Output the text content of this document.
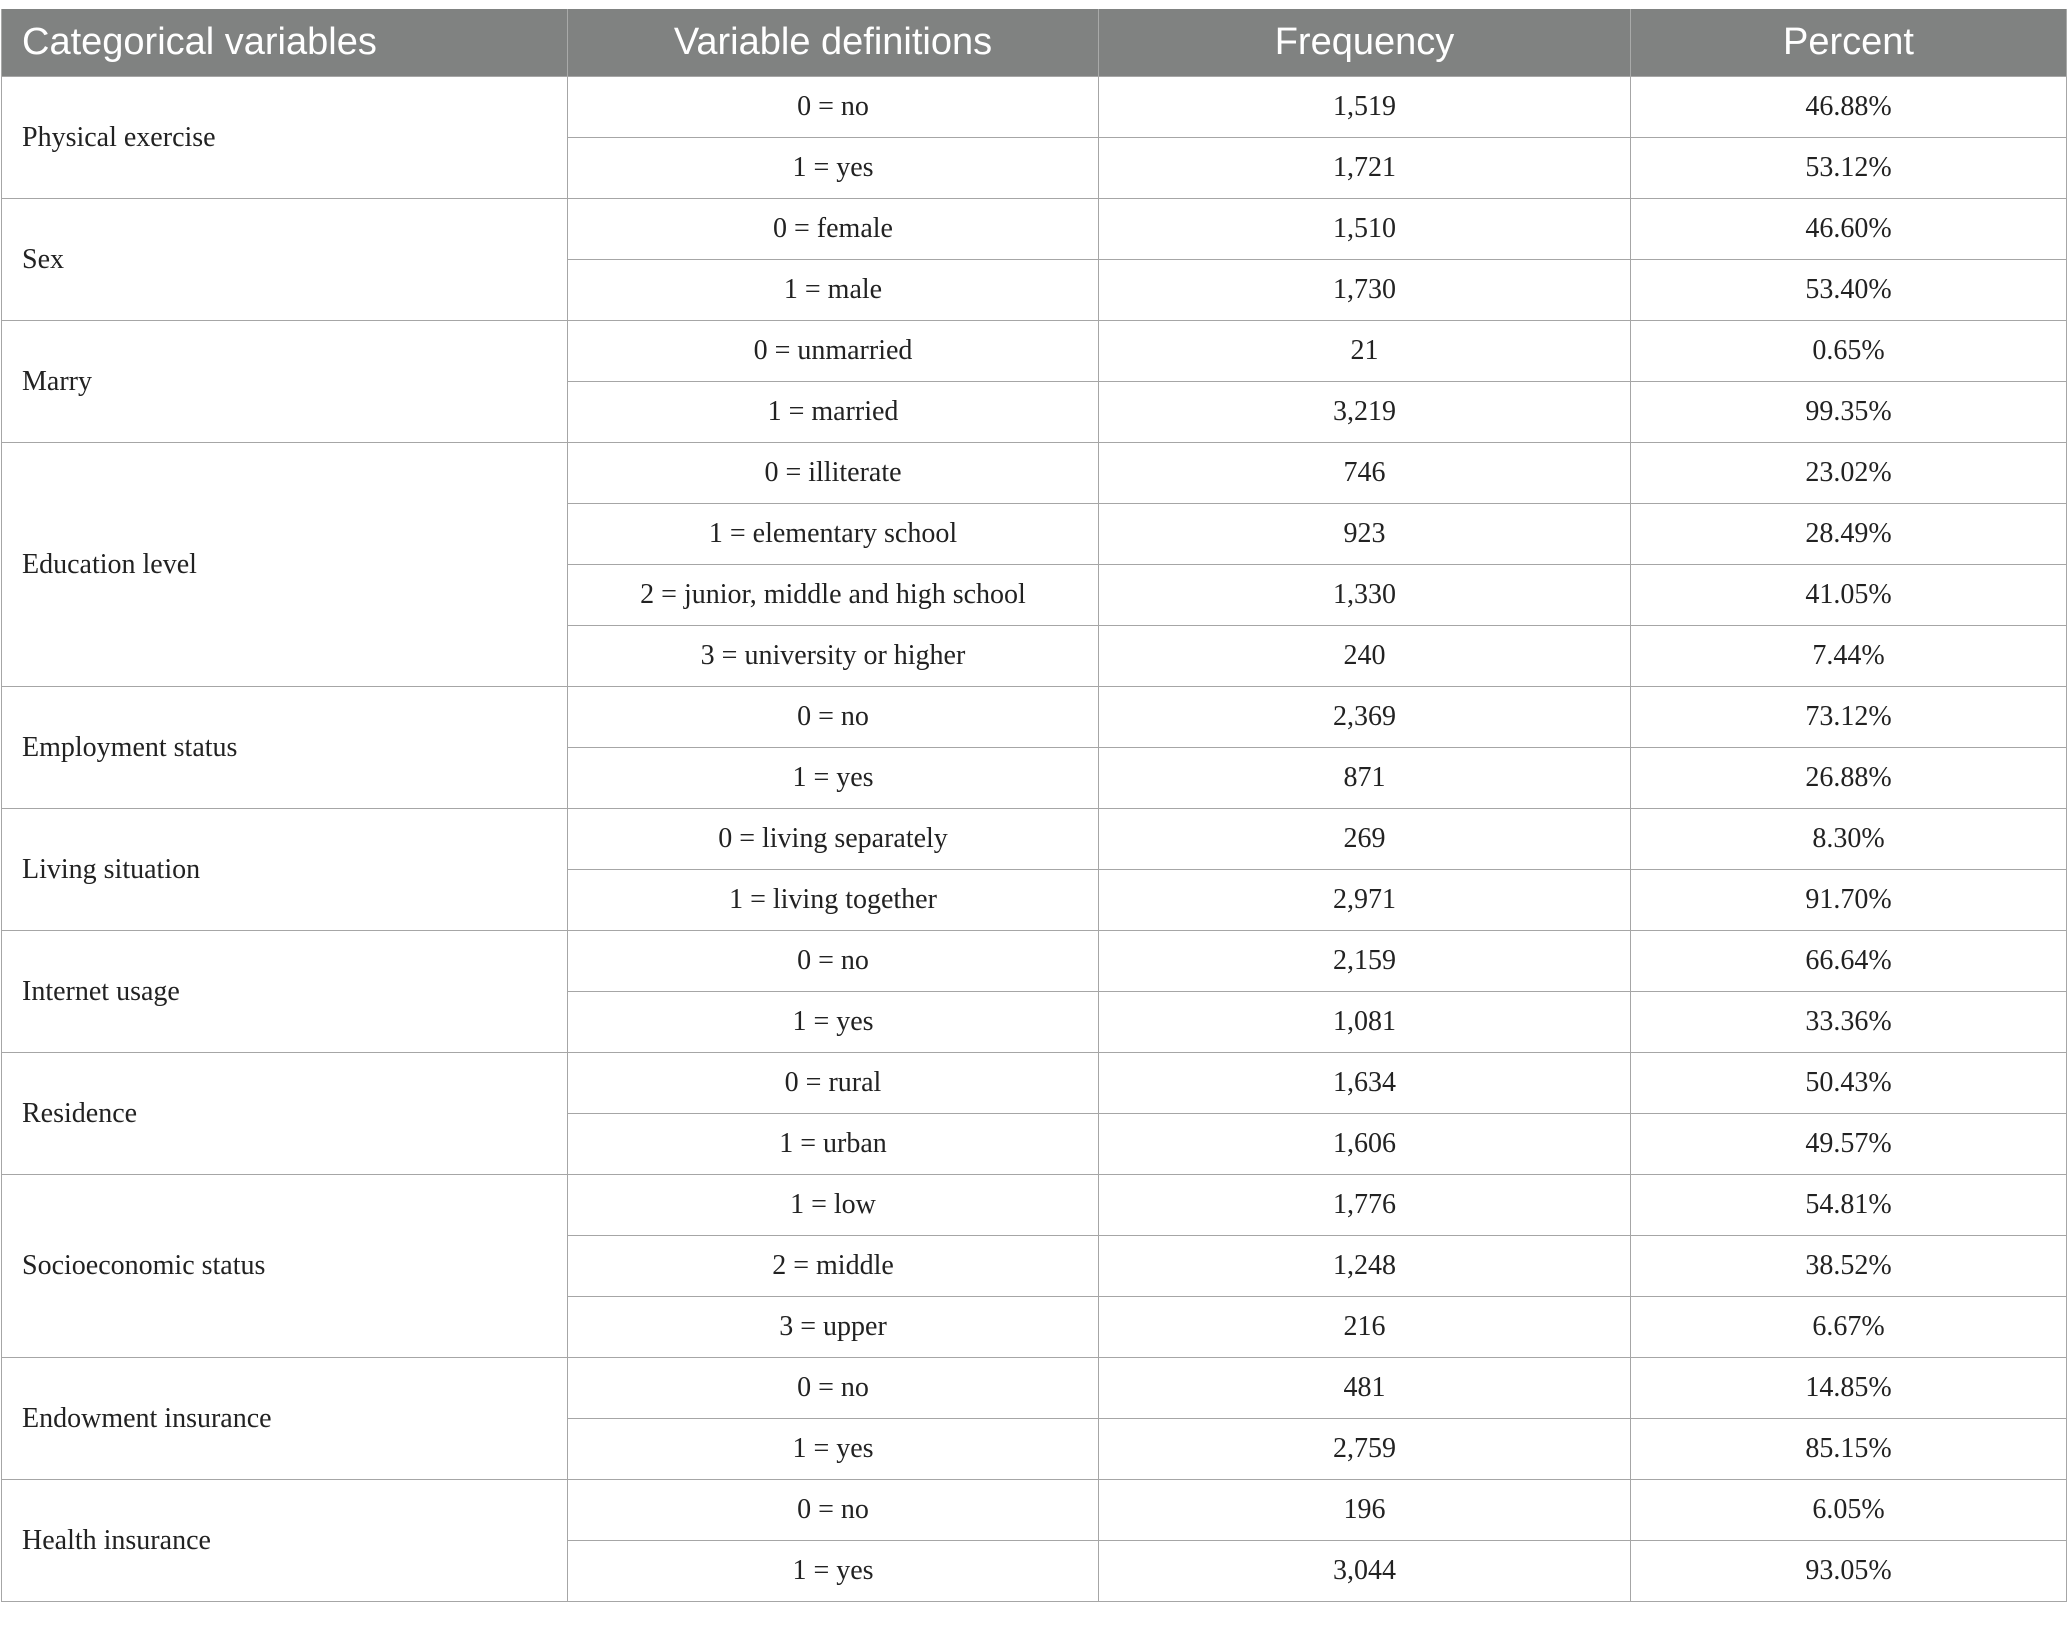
Categorical variables	Variable definitions	Frequency	Percent
Physical exercise	0 = no	1,519	46.88%
	1 = yes	1,721	53.12%
Sex	0 = female	1,510	46.60%
	1 = male	1,730	53.40%
Marry	0 = unmarried	21	0.65%
	1 = married	3,219	99.35%
Education level	0 = illiterate	746	23.02%
	1 = elementary school	923	28.49%
	2 = junior, middle and high school	1,330	41.05%
	3 = university or higher	240	7.44%
Employment status	0 = no	2,369	73.12%
	1 = yes	871	26.88%
Living situation	0 = living separately	269	8.30%
	1 = living together	2,971	91.70%
Internet usage	0 = no	2,159	66.64%
	1 = yes	1,081	33.36%
Residence	0 = rural	1,634	50.43%
	1 = urban	1,606	49.57%
Socioeconomic status	1 = low	1,776	54.81%
	2 = middle	1,248	38.52%
	3 = upper	216	6.67%
Endowment insurance	0 = no	481	14.85%
	1 = yes	2,759	85.15%
Health insurance	0 = no	196	6.05%
	1 = yes	3,044	93.05%
